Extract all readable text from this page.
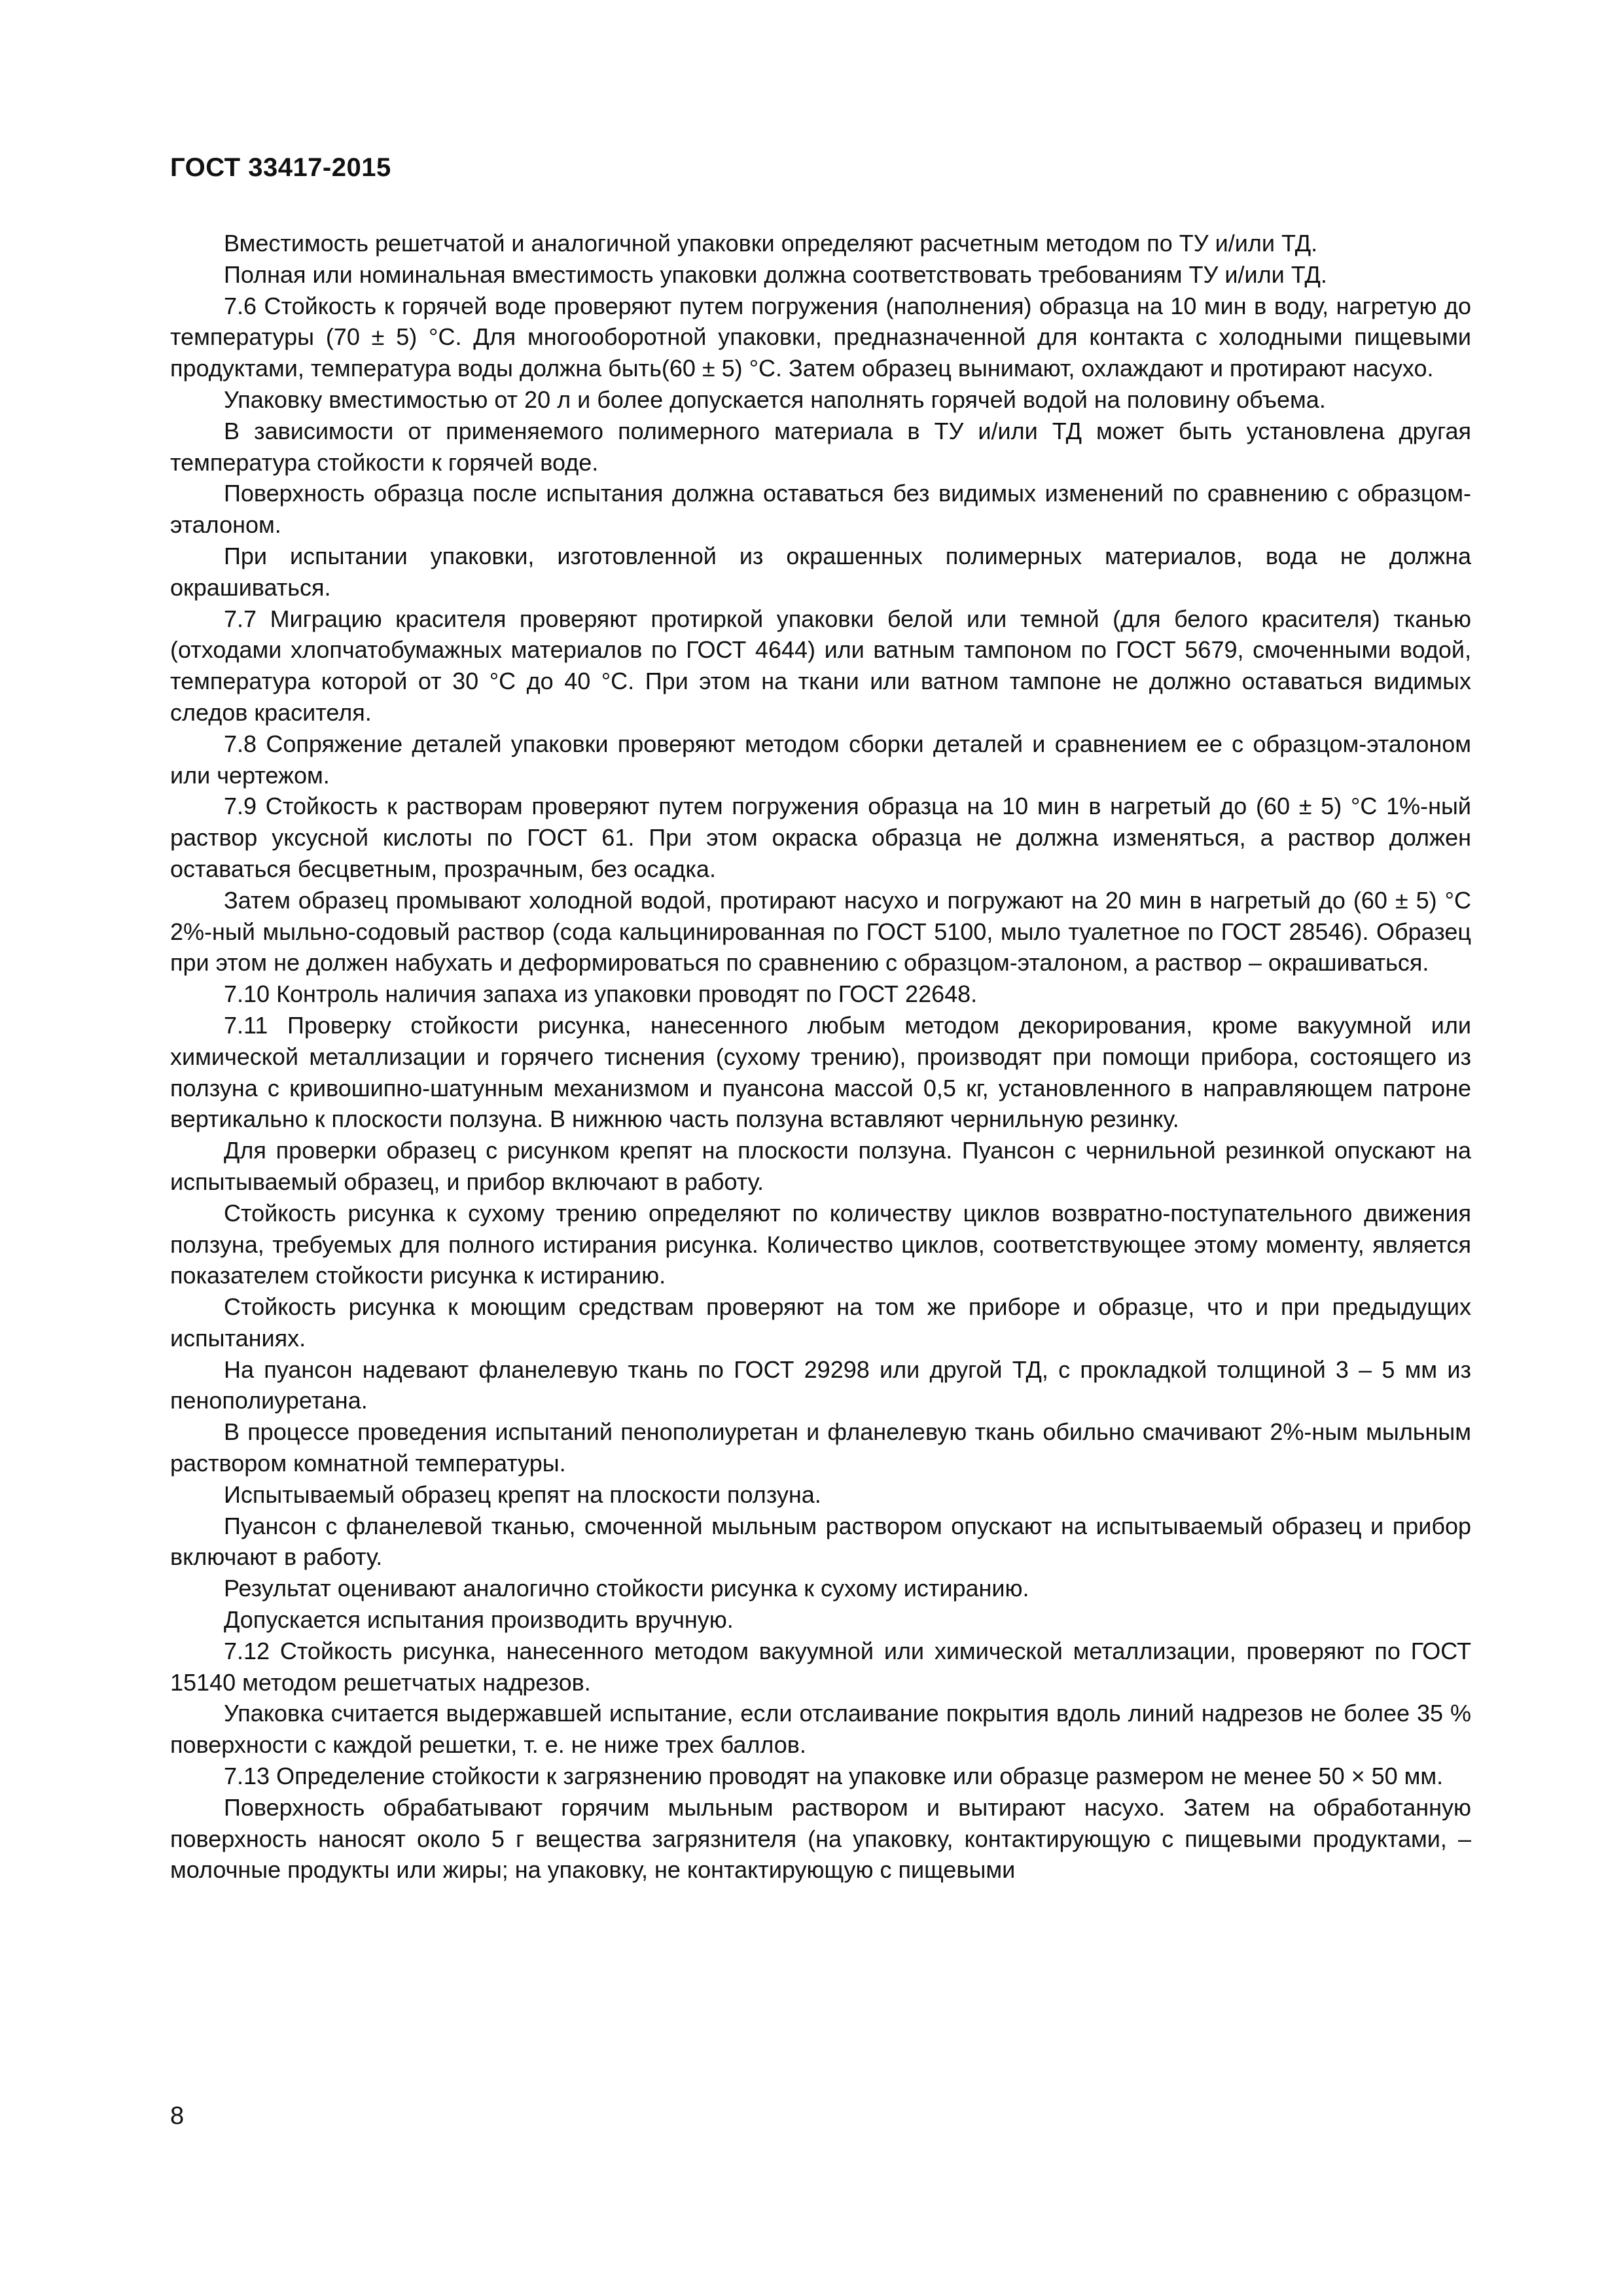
ГОСТ 33417-2015

Вместимость решетчатой и аналогичной упаковки определяют расчетным методом по ТУ и/или ТД.

Полная или номинальная вместимость упаковки должна соответствовать требованиям ТУ и/или ТД.

7.6 Стойкость к горячей воде проверяют путем погружения (наполнения) образца на 10 мин в воду, нагретую до температуры (70 ± 5) °С. Для многооборотной упаковки, предназначенной для контакта с холодными пищевыми продуктами, температура воды должна быть(60 ± 5) °С. Затем образец вынимают, охлаждают и протирают насухо.

Упаковку вместимостью от 20 л и более допускается наполнять горячей водой на половину объема.

В зависимости от применяемого полимерного материала в ТУ и/или ТД может быть установлена другая температура стойкости к горячей воде.

Поверхность образца после испытания должна оставаться без видимых изменений по сравнению с образцом-эталоном.

При испытании упаковки, изготовленной из окрашенных полимерных материалов, вода не должна окрашиваться.

7.7 Миграцию красителя проверяют протиркой упаковки белой или темной (для белого красителя) тканью (отходами хлопчатобумажных материалов по ГОСТ 4644) или ватным тампоном по ГОСТ 5679, смоченными водой, температура которой от 30 °С до 40 °С. При этом на ткани или ватном тампоне не должно оставаться видимых следов красителя.

7.8 Сопряжение деталей упаковки проверяют методом сборки деталей и сравнением ее с образцом-эталоном или чертежом.

7.9 Стойкость к растворам проверяют путем погружения образца на 10 мин в нагретый до (60 ± 5) °С 1%-ный раствор уксусной кислоты по ГОСТ 61. При этом окраска образца не должна изменяться, а раствор должен оставаться бесцветным, прозрачным, без осадка.

Затем образец промывают холодной водой, протирают насухо и погружают на 20 мин в нагретый до (60 ± 5) °С 2%-ный мыльно-содовый раствор (сода кальцинированная по ГОСТ 5100, мыло туалетное по ГОСТ 28546). Образец при этом не должен набухать и деформироваться по сравнению с образцом-эталоном, а раствор – окрашиваться.

7.10 Контроль наличия запаха из упаковки проводят по ГОСТ 22648.

7.11 Проверку стойкости рисунка, нанесенного любым методом декорирования, кроме вакуумной или химической металлизации и горячего тиснения (сухому трению), производят при помощи прибора, состоящего из ползуна с кривошипно-шатунным механизмом и пуансона массой 0,5 кг, установленного в направляющем патроне вертикально к плоскости ползуна. В нижнюю часть ползуна вставляют чернильную резинку.

Для проверки образец с рисунком крепят на плоскости ползуна. Пуансон с чернильной резинкой опускают на испытываемый образец, и прибор включают в работу.

Стойкость рисунка к сухому трению определяют по количеству циклов возвратно-поступательного движения ползуна, требуемых для полного истирания рисунка. Количество циклов, соответствующее этому моменту, является показателем стойкости рисунка к истиранию.

Стойкость рисунка к моющим средствам проверяют на том же приборе и образце, что и при предыдущих испытаниях.

На пуансон надевают фланелевую ткань по ГОСТ 29298 или другой ТД, с прокладкой толщиной 3 – 5 мм из пенополиуретана.

В процессе проведения испытаний пенополиуретан и фланелевую ткань обильно смачивают 2%-ным мыльным раствором комнатной температуры.

Испытываемый образец крепят на плоскости ползуна.

Пуансон с фланелевой тканью, смоченной мыльным раствором опускают на испытываемый образец и прибор включают в работу.

Результат оценивают аналогично стойкости рисунка к сухому истиранию.

Допускается испытания производить вручную.

7.12 Стойкость рисунка, нанесенного методом вакуумной или химической металлизации, проверяют по ГОСТ 15140 методом решетчатых надрезов.

Упаковка считается выдержавшей испытание, если отслаивание покрытия вдоль линий надрезов не более 35 % поверхности с каждой решетки, т. е. не ниже трех баллов.

7.13 Определение стойкости к загрязнению проводят на упаковке или образце размером не менее 50 × 50 мм.

Поверхность обрабатывают горячим мыльным раствором и вытирают насухо. Затем на обработанную поверхность наносят около 5 г вещества загрязнителя (на упаковку, контактирующую с пищевыми продуктами, – молочные продукты или жиры; на упаковку, не контактирующую с пищевыми

8
